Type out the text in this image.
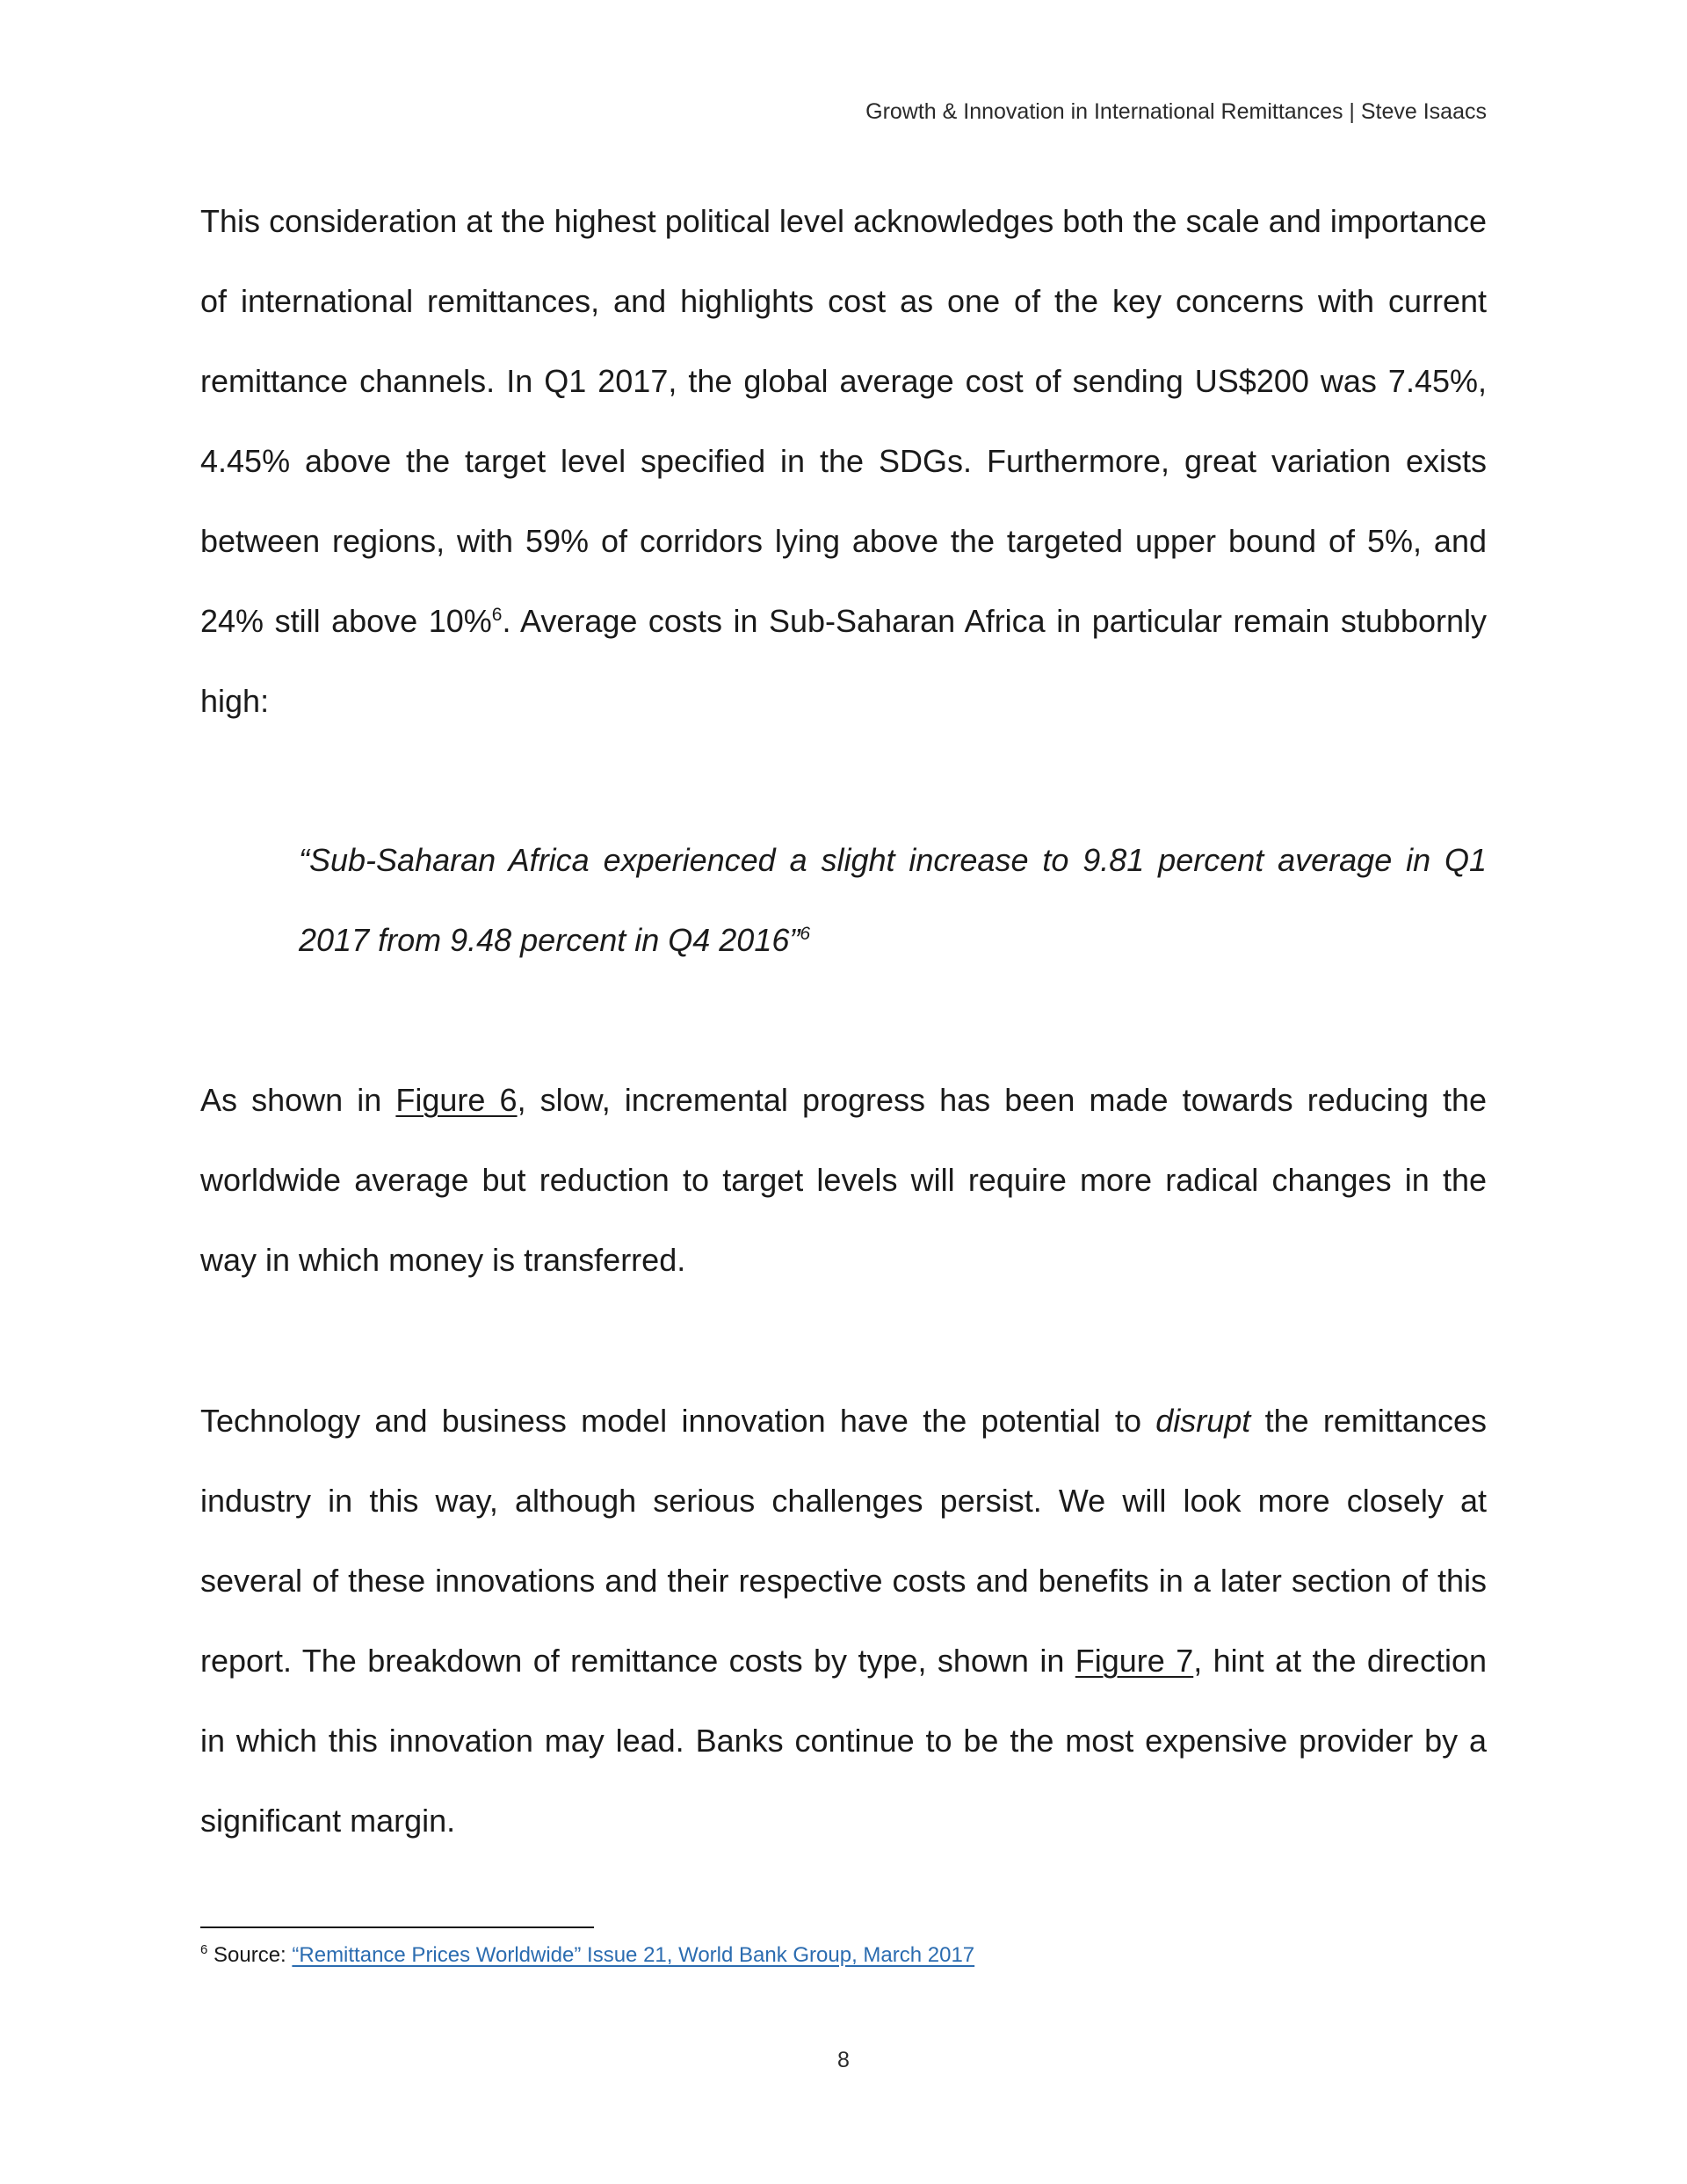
Growth & Innovation in International Remittances | Steve Isaacs

This consideration at the highest political level acknowledges both the scale and importance of international remittances, and highlights cost as one of the key concerns with current remittance channels. In Q1 2017, the global average cost of sending US$200 was 7.45%, 4.45% above the target level specified in the SDGs. Furthermore, great variation exists between regions, with 59% of corridors lying above the targeted upper bound of 5%, and 24% still above 10%$^6$. Average costs in Sub-Saharan Africa in particular remain stubbornly high:

“Sub-Saharan Africa experienced a slight increase to 9.81 percent average in Q1 2017 from 9.48 percent in Q4 2016”$^6$

As shown in Figure 6, slow, incremental progress has been made towards reducing the worldwide average but reduction to target levels will require more radical changes in the way in which money is transferred.

Technology and business model innovation have the potential to disrupt the remittances industry in this way, although serious challenges persist. We will look more closely at several of these innovations and their respective costs and benefits in a later section of this report. The breakdown of remittance costs by type, shown in Figure 7, hint at the direction in which this innovation may lead. Banks continue to be the most expensive provider by a significant margin.

$^6$ Source: “Remittance Prices Worldwide” Issue 21, World Bank Group, March 2017
8
